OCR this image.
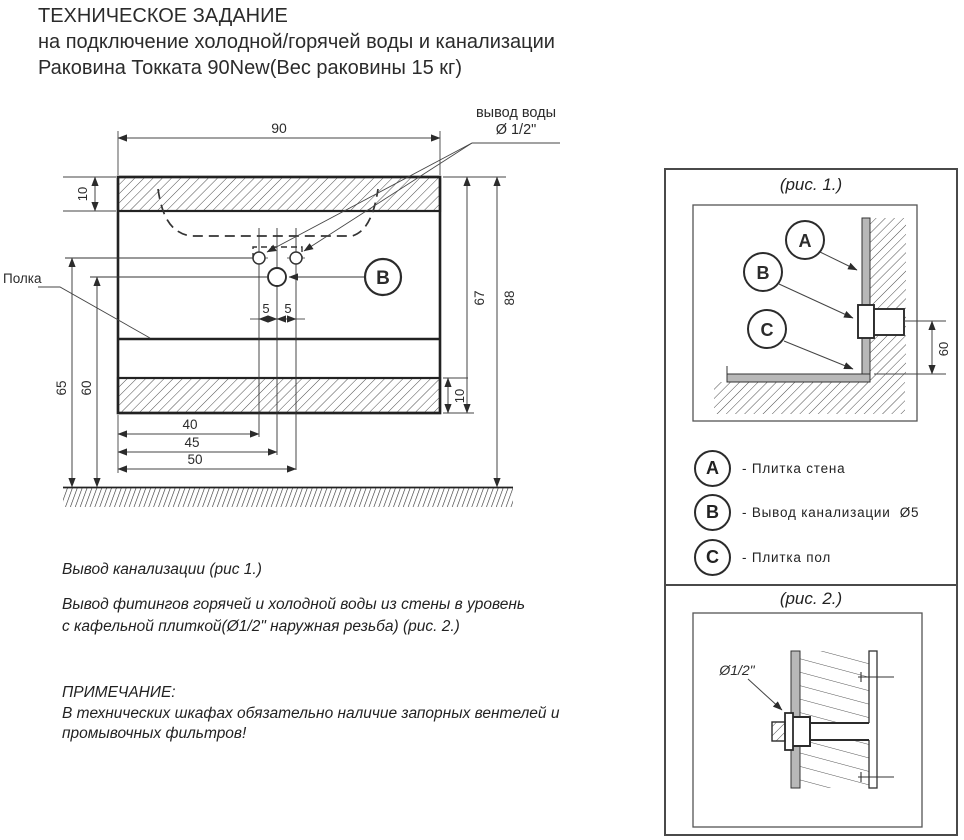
ТЕХНИЧЕСКОЕ ЗАДАНИЕ
на подключение холодной/горячей воды и канализации
Раковина Токката 90New(Вес раковины 15 кг)
B
вывод воды
Ø 1/2"
90
10
65 60
Полка
10
67 88
40
45
50
5 5
(рис. 1.)
(рис. 2.)
60
A
B
C
A	- Плитка стена
B	- Вывод канализации  Ø5
C	- Плитка пол
Ø1/2"
Вывод канализации (рис 1.)
Вывод фитингов горячей и холодной воды из стены в уровень
с кафельной плиткой(Ø1/2" наружная резьба) (рис. 2.)
ПРИМЕЧАНИЕ:
В технических шкафах обязательно наличие запорных вентелей и
промывочных фильтров!
